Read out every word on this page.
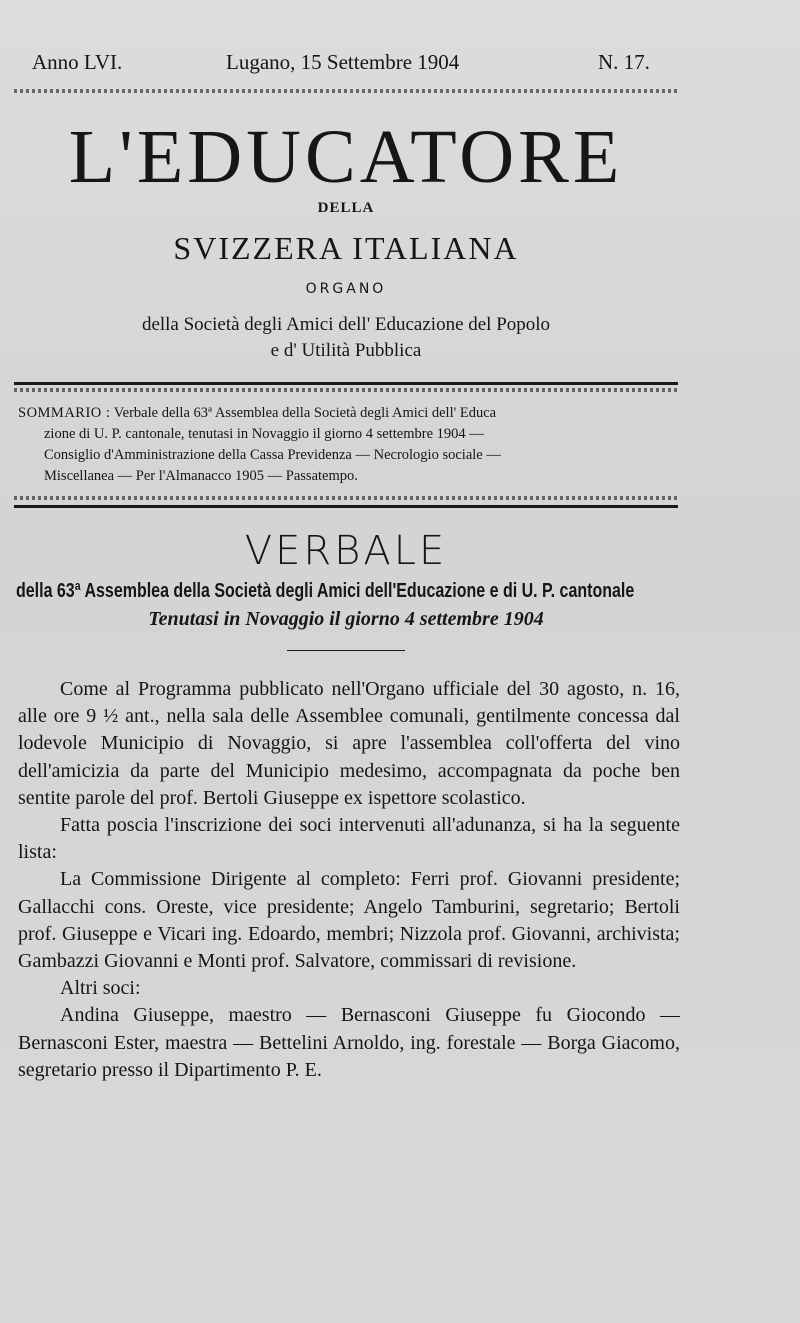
Anno LVI.	Lugano, 15 Settembre 1904	N. 17.
L'EDUCATORE
DELLA
SVIZZERA ITALIANA
ORGANO
della Società degli Amici dell' Educazione del Popolo
e d' Utilità Pubblica
SOMMARIO : Verbale della 63ª Assemblea della Società degli Amici dell' Educa
zione di U. P. cantonale, tenutasi in Novaggio il giorno 4 settembre 1904 —
Consiglio d'Amministrazione della Cassa Previdenza — Necrologio sociale —
Miscellanea — Per l'Almanacco 1905 — Passatempo.
VERBALE
della 63ª Assemblea della Società degli Amici dell'Educazione e di U. P. cantonale
Tenutasi in Novaggio il giorno 4 settembre 1904

Come al Programma pubblicato nell'Organo ufficiale del 30 agosto, n. 16, alle ore 9 ½ ant., nella sala delle Assemblee comunali, gentilmente concessa dal lodevole Municipio di Novaggio, si apre l'assemblea coll'offerta del vino dell'amicizia da parte del Municipio medesimo, accompagnata da poche ben sentite parole del prof. Bertoli Giuseppe ex ispettore scolastico.

Fatta poscia l'inscrizione dei soci intervenuti all'adunanza, si ha la seguente lista:

La Commissione Dirigente al completo: Ferri prof. Giovanni presidente; Gallacchi cons. Oreste, vice presidente; Angelo Tamburini, segretario; Bertoli prof. Giuseppe e Vicari ing. Edoardo, membri; Nizzola prof. Giovanni, archivista; Gambazzi Giovanni e Monti prof. Salvatore, commissari di revisione.

Altri soci:

Andina Giuseppe, maestro — Bernasconi Giuseppe fu Giocondo — Bernasconi Ester, maestra — Bettelini Arnoldo, ing. forestale — Borga Giacomo, segretario presso il Dipartimento P. E.
